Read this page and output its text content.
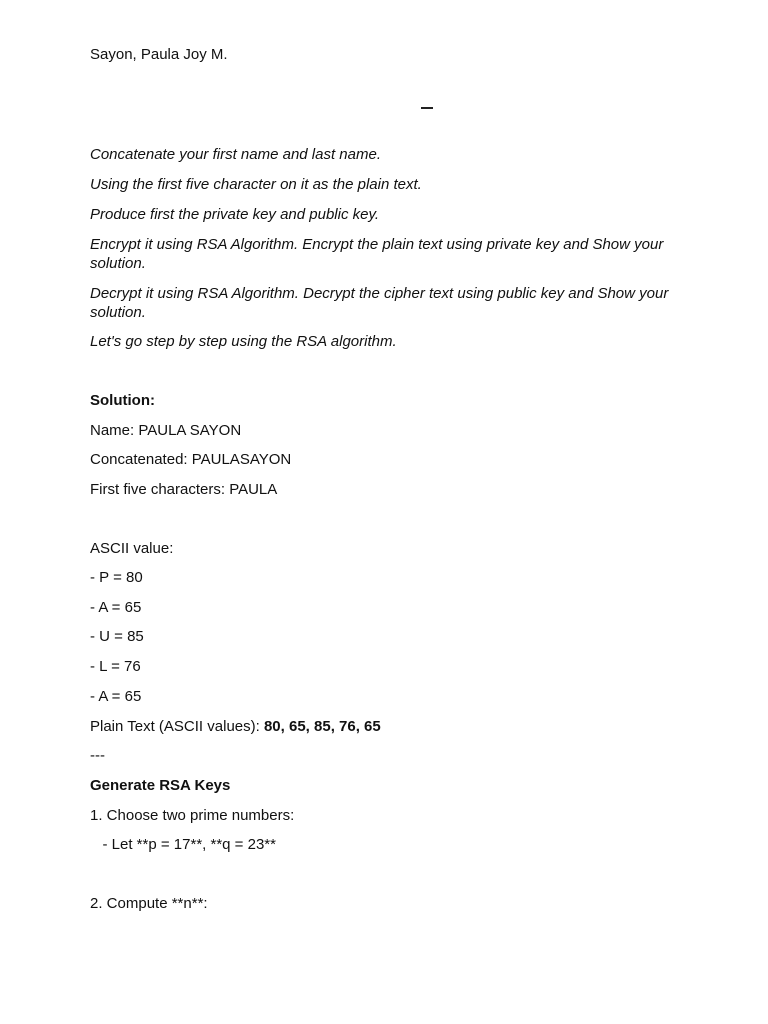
Sayon, Paula Joy M.
Concatenate your first name and last name.
Using the first five character on it as the plain text.
Produce first the private key and public key.
Encrypt it using RSA Algorithm. Encrypt the plain text using private key and Show your solution.
Decrypt it using RSA Algorithm. Decrypt the cipher text using public key and Show your solution.
Let's go step by step using the RSA algorithm.
Solution:
Name: PAULA SAYON
Concatenated: PAULASAYON
First five characters: PAULA
ASCII value:
- P = 80
- A = 65
- U = 85
- L = 76
- A = 65
Plain Text (ASCII values): 80, 65, 85, 76, 65
---
Generate RSA Keys
1. Choose two prime numbers:
- Let **p = 17**, **q = 23**
2. Compute **n**:
